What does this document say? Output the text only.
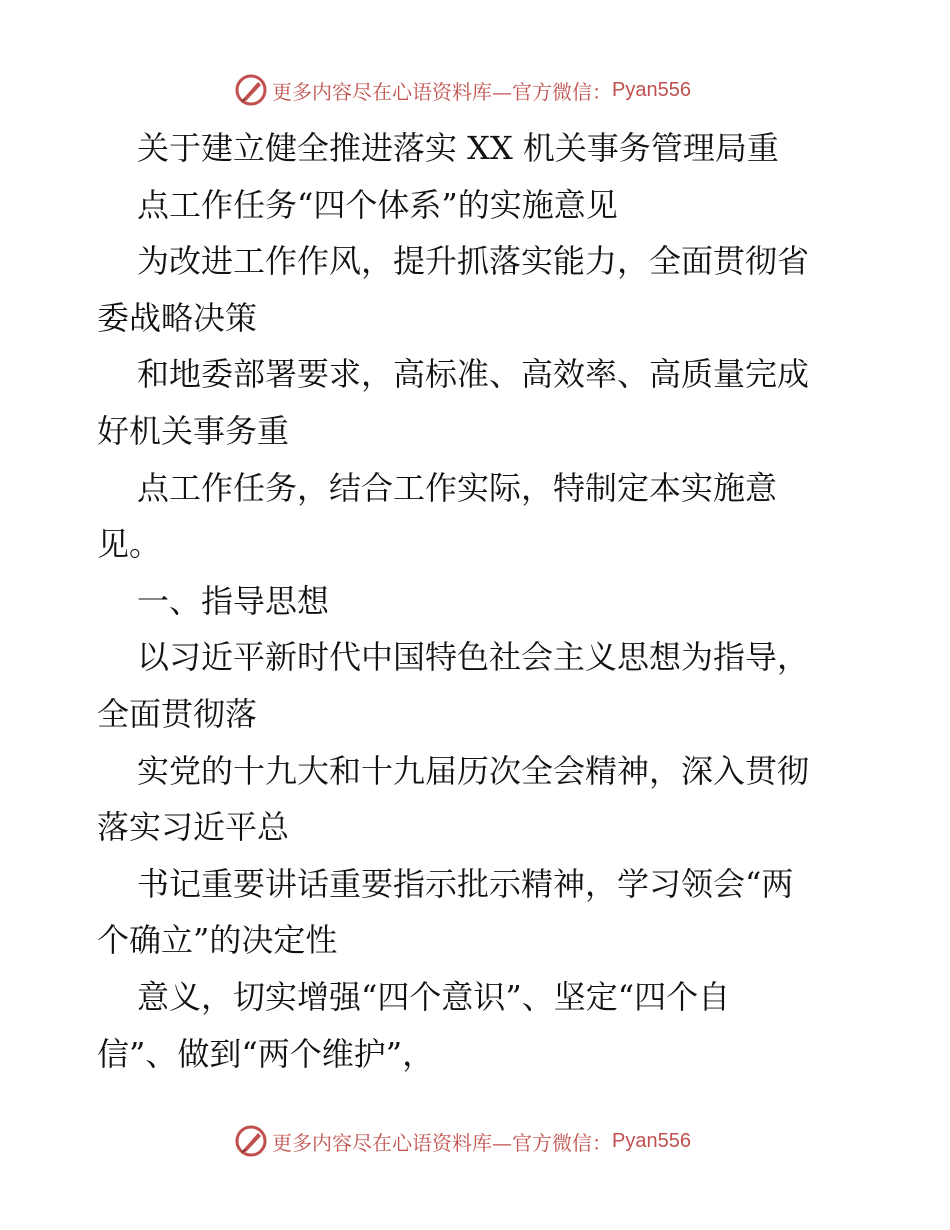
更多内容尽在心语资料库—官方微信： Pyan556
关于建立健全推进落实 XX 机关事务管理局重
点工作任务“四个体系”的实施意见
为改进工作作风，提升抓落实能力，全面贯彻省
委战略决策
和地委部署要求，高标准、高效率、高质量完成
好机关事务重
点工作任务，结合工作实际，特制定本实施意
见。
一、指导思想
以习近平新时代中国特色社会主义思想为指导，
全面贯彻落
实党的十九大和十九届历次全会精神，深入贯彻
落实习近平总
书记重要讲话重要指示批示精神，学习领会“两
个确立”的决定性
意义，切实增强“四个意识”、坚定“四个自
信”、做到“两个维护”，
更多内容尽在心语资料库—官方微信： Pyan556
